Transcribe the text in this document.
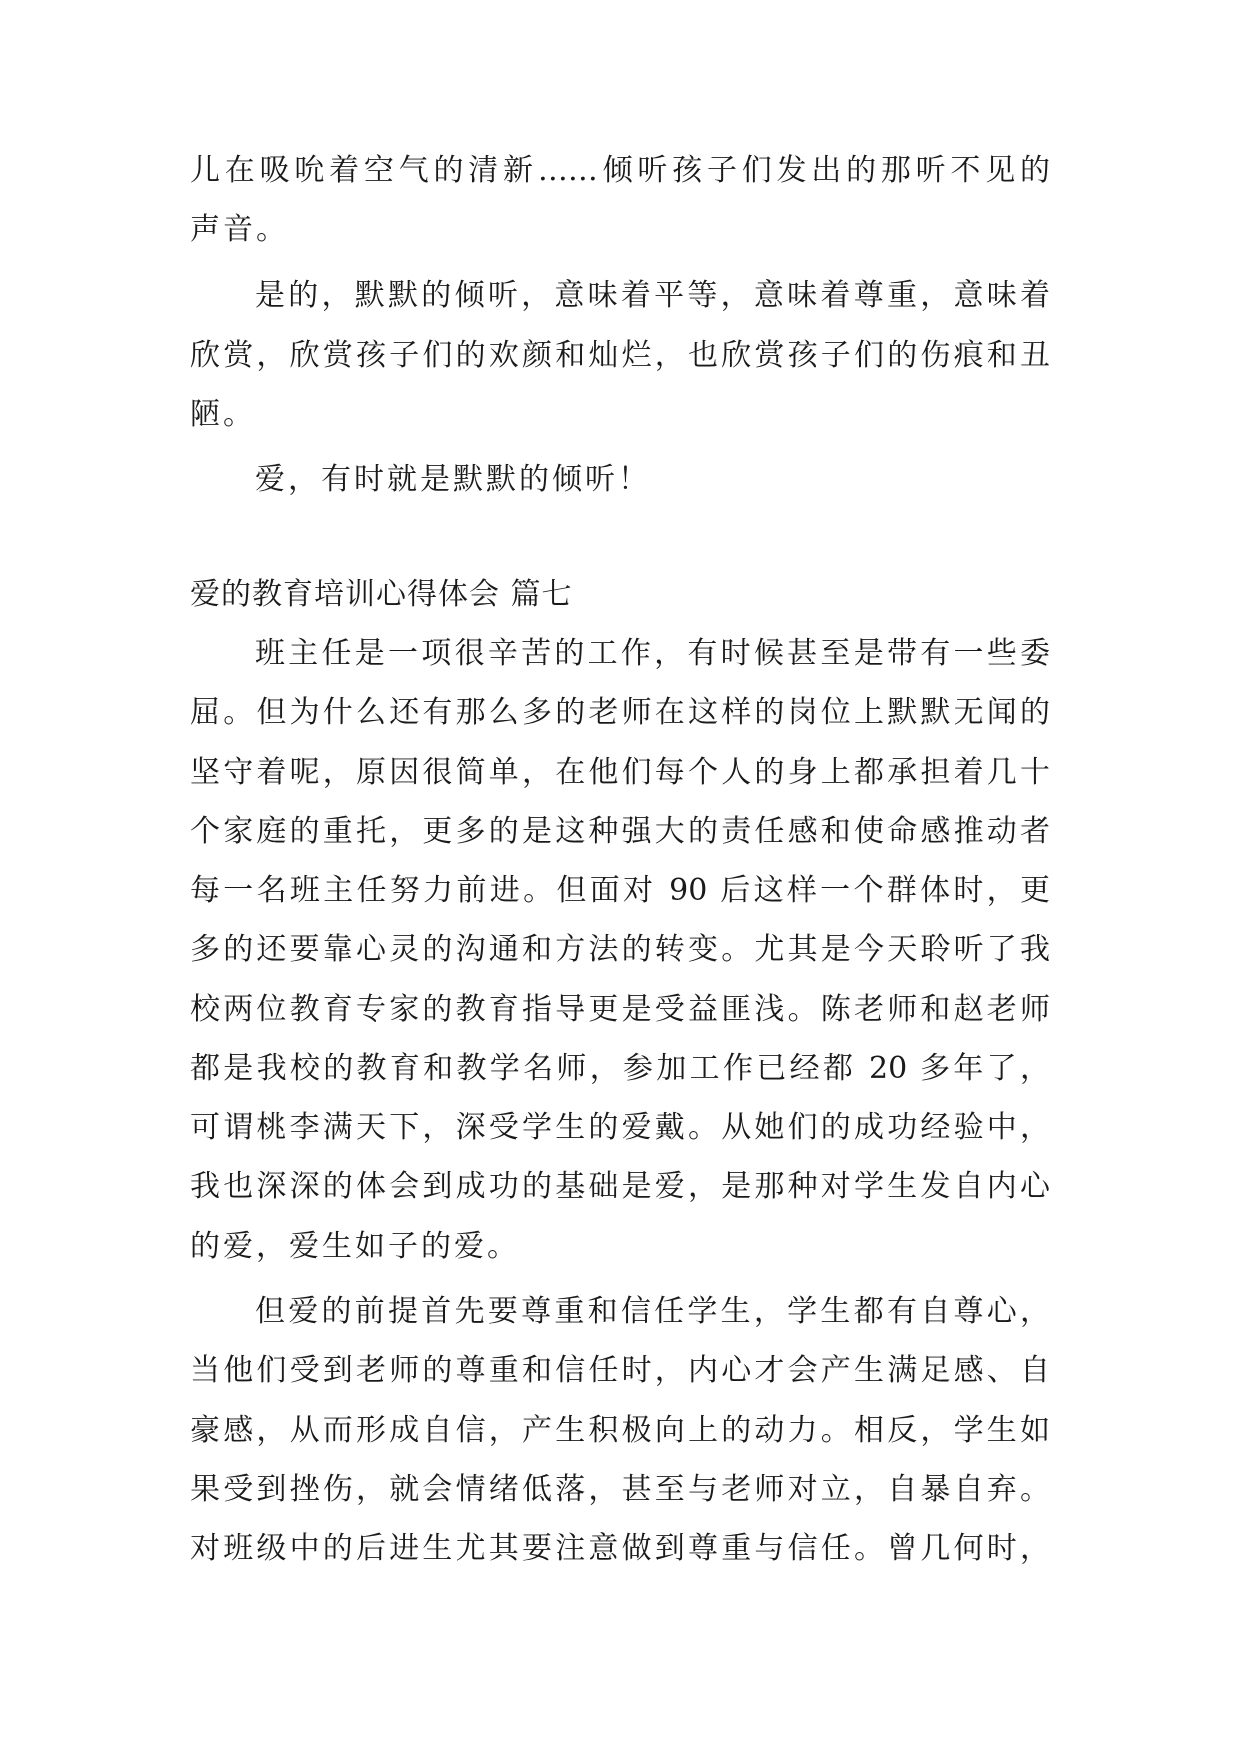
儿在吸吮着空气的清新……倾听孩子们发出的那听不见的
声音。
是的，默默的倾听，意味着平等，意味着尊重，意味着
欣赏，欣赏孩子们的欢颜和灿烂，也欣赏孩子们的伤痕和丑
陋。
爱，有时就是默默的倾听！
爱的教育培训心得体会 篇七
班主任是一项很辛苦的工作，有时候甚至是带有一些委
屈。但为什么还有那么多的老师在这样的岗位上默默无闻的
坚守着呢，原因很简单，在他们每个人的身上都承担着几十
个家庭的重托，更多的是这种强大的责任感和使命感推动者
每一名班主任努力前进。但面对 90 后这样一个群体时，更
多的还要靠心灵的沟通和方法的转变。尤其是今天聆听了我
校两位教育专家的教育指导更是受益匪浅。陈老师和赵老师
都是我校的教育和教学名师，参加工作已经都 20 多年了，
可谓桃李满天下，深受学生的爱戴。从她们的成功经验中，
我也深深的体会到成功的基础是爱，是那种对学生发自内心
的爱，爱生如子的爱。
但爱的前提首先要尊重和信任学生，学生都有自尊心，
当他们受到老师的尊重和信任时，内心才会产生满足感、自
豪感，从而形成自信，产生积极向上的动力。相反，学生如
果受到挫伤，就会情绪低落，甚至与老师对立，自暴自弃。
对班级中的后进生尤其要注意做到尊重与信任。曾几何时，
